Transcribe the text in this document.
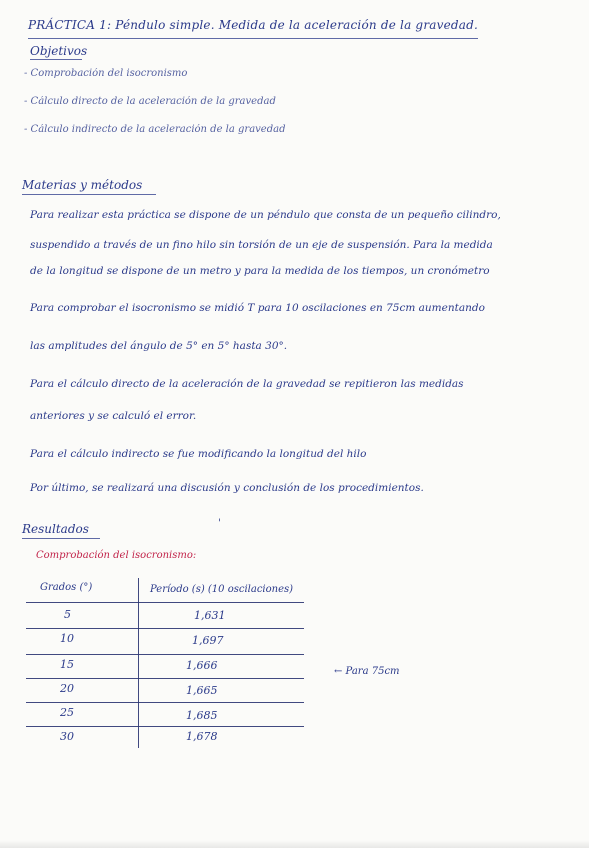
PRÁCTICA 1: Péndulo simple. Medida de la aceleración de la gravedad.
Objetivos
- Comprobación del isocronismo
- Cálculo directo de la aceleración de la gravedad
- Cálculo indirecto de la aceleración de la gravedad
Materias y métodos
Para realizar esta práctica se dispone de un péndulo que consta de un pequeño cilindro,
suspendido a través de un fino hilo sin torsión de un eje de suspensión. Para la medida
de la longitud se dispone de un metro y para la medida de los tiempos, un cronómetro
Para comprobar el isocronismo se midió T para 10 oscilaciones en 75cm aumentando
las amplitudes del ángulo de 5° en 5° hasta 30°.
Para el cálculo directo de la aceleración de la gravedad se repitieron las medidas
anteriores y se calculó el error.
Para el cálculo indirecto se fue modificando la longitud del hilo
Por último, se realizará una discusión y conclusión de los procedimientos.
Resultados	'
Comprobación del isocronismo:
Grados (°)	Período (s) (10 oscilaciones)
5	1,631
10	1,697
15	1,666
20	1,665
25	1,685
30	1,678
← Para 75cm
